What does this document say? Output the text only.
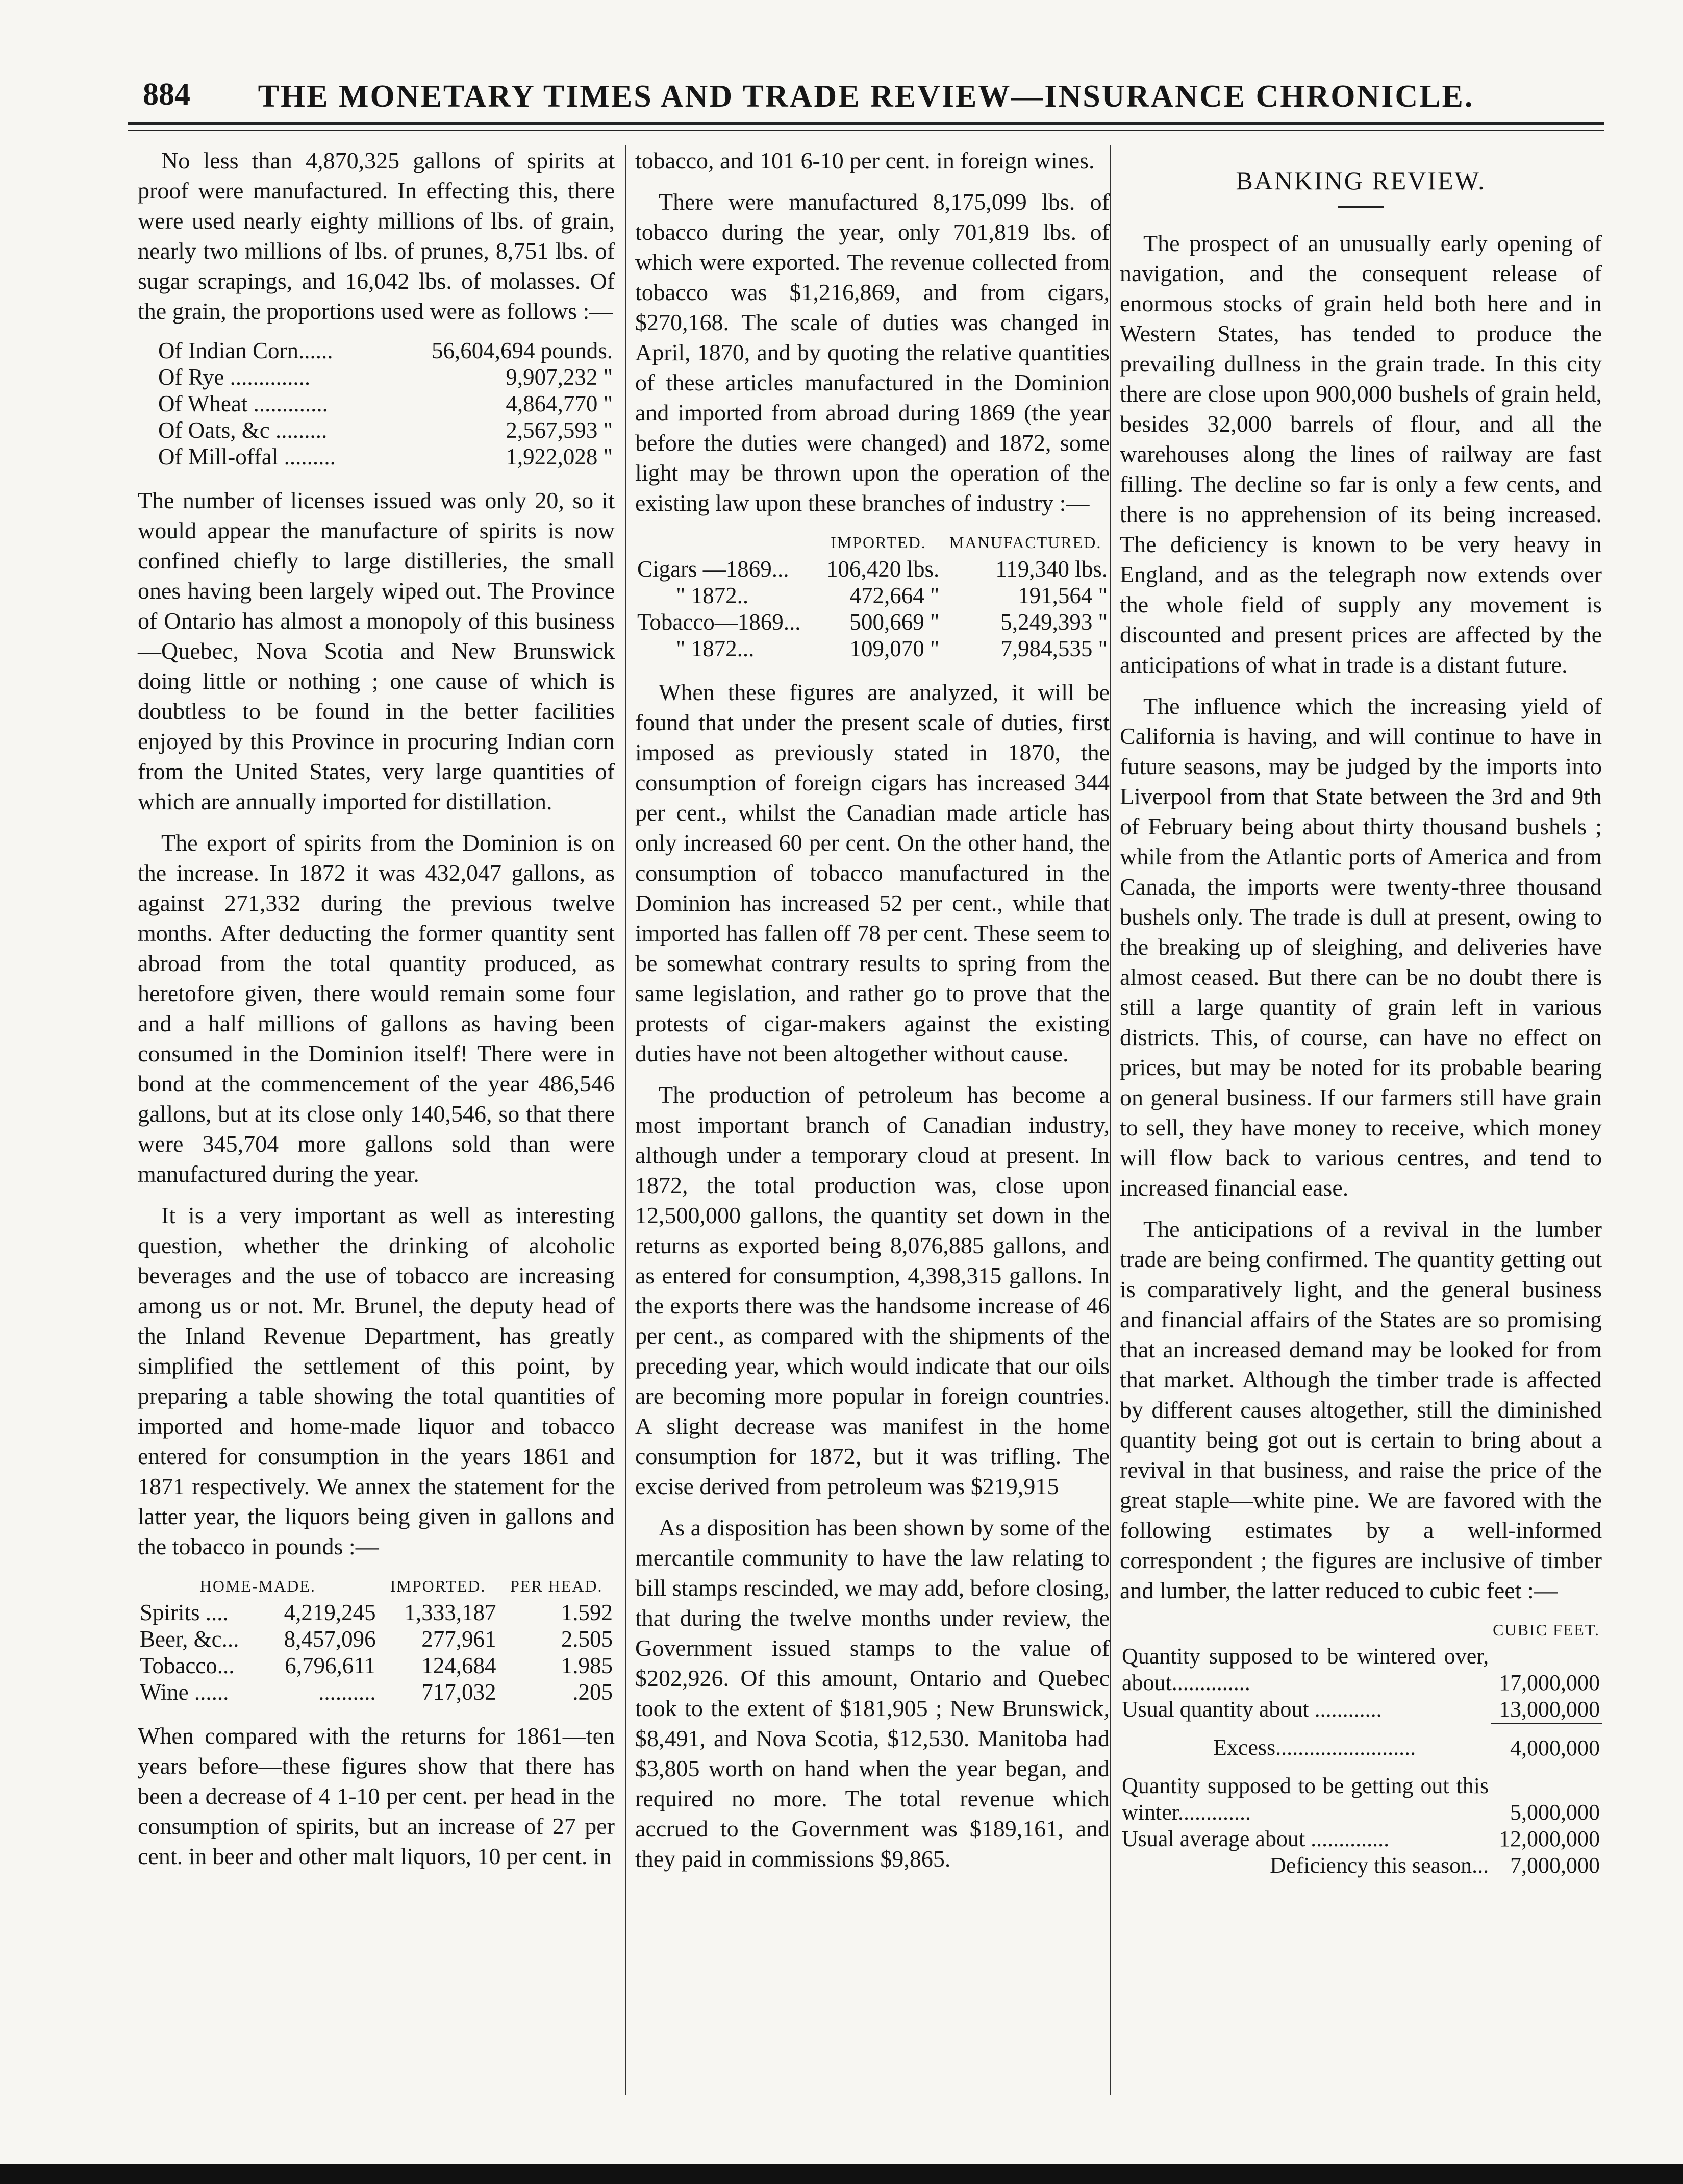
884	THE MONETARY TIMES AND TRADE REVIEW—INSURANCE CHRONICLE.

No less than 4,870,325 gallons of spirits at proof were manufactured. In effecting this, there were used nearly eighty millions of lbs. of grain, nearly two millions of lbs. of prunes, 8,751 lbs. of sugar scrapings, and 16,042 lbs. of molasses. Of the grain, the proportions used were as follows :—

Of Indian Corn......	56,604,694 pounds.
Of Rye ..............	9,907,232 "
Of Wheat .............	4,864,770 "
Of Oats, &c .........	2,567,593 "
Of Mill-offal .........	1,922,028 "

The number of licenses issued was only 20, so it would appear the manufacture of spirits is now confined chiefly to large distilleries, the small ones having been largely wiped out. The Province of Ontario has almost a monopoly of this business—Quebec, Nova Scotia and New Brunswick doing little or nothing ; one cause of which is doubtless to be found in the better facilities enjoyed by this Province in procuring Indian corn from the United States, very large quantities of which are annually imported for distillation.

The export of spirits from the Dominion is on the increase. In 1872 it was 432,047 gallons, as against 271,332 during the previous twelve months. After deducting the former quantity sent abroad from the total quantity produced, as heretofore given, there would remain some four and a half millions of gallons as having been consumed in the Dominion itself! There were in bond at the commencement of the year 486,546 gallons, but at its close only 140,546, so that there were 345,704 more gallons sold than were manufactured during the year.

It is a very important as well as interesting question, whether the drinking of alcoholic beverages and the use of tobacco are increasing among us or not. Mr. Brunel, the deputy head of the Inland Revenue Department, has greatly simplified the settlement of this point, by preparing a table showing the total quantities of imported and home-made liquor and tobacco entered for consumption in the years 1861 and 1871 respectively. We annex the statement for the latter year, the liquors being given in gallons and the tobacco in pounds :—

HOME-MADE.		IMPORTED.	PER HEAD.
Spirits ....	4,219,245	1,333,187	1.592
Beer, &c...	8,457,096	277,961	2.505
Tobacco...	6,796,611	124,684	1.985
Wine ......	..........	717,032	.205

When compared with the returns for 1861—ten years before—these figures show that there has been a decrease of 4 1-10 per cent. per head in the consumption of spirits, but an increase of 27 per cent. in beer and other malt liquors, 10 per cent. in

tobacco, and 101 6-10 per cent. in foreign wines.

There were manufactured 8,175,099 lbs. of tobacco during the year, only 701,819 lbs. of which were exported. The revenue collected from tobacco was $1,216,869, and from cigars, $270,168. The scale of duties was changed in April, 1870, and by quoting the relative quantities of these articles manufactured in the Dominion and imported from abroad during 1869 (the year before the duties were changed) and 1872, some light may be thrown upon the operation of the existing law upon these branches of industry :—

	IMPORTED.	MANUFACTURED.
Cigars —1869...	106,420 lbs.	119,340 lbs.
" 1872..	472,664 "	191,564 "
Tobacco—1869...	500,669 "	5,249,393 "
" 1872...	109,070 "	7,984,535 "

When these figures are analyzed, it will be found that under the present scale of duties, first imposed as previously stated in 1870, the consumption of foreign cigars has increased 344 per cent., whilst the Canadian made article has only increased 60 per cent. On the other hand, the consumption of tobacco manufactured in the Dominion has increased 52 per cent., while that imported has fallen off 78 per cent. These seem to be somewhat contrary results to spring from the same legislation, and rather go to prove that the protests of cigar-makers against the existing duties have not been altogether without cause.

The production of petroleum has become a most important branch of Canadian industry, although under a temporary cloud at present. In 1872, the total production was, close upon 12,500,000 gallons, the quantity set down in the returns as exported being 8,076,885 gallons, and as entered for consumption, 4,398,315 gallons. In the exports there was the handsome increase of 46 per cent., as compared with the shipments of the preceding year, which would indicate that our oils are becoming more popular in foreign countries. A slight decrease was manifest in the home consumption for 1872, but it was trifling. The excise derived from petroleum was $219,915

As a disposition has been shown by some of the mercantile community to have the law relating to bill stamps rescinded, we may add, before closing, that during the twelve months under review, the Government issued stamps to the value of $202,926. Of this amount, Ontario and Quebec took to the extent of $181,905 ; New Brunswick, $8,491, and Nova Scotia, $12,530. Manitoba had $3,805 worth on hand when the year began, and required no more. The total revenue which accrued to the Government was $189,161, and they paid in commissions $9,865.

BANKING REVIEW.

The prospect of an unusually early opening of navigation, and the consequent release of enormous stocks of grain held both here and in Western States, has tended to produce the prevailing dullness in the grain trade. In this city there are close upon 900,000 bushels of grain held, besides 32,000 barrels of flour, and all the warehouses along the lines of railway are fast filling. The decline so far is only a few cents, and there is no apprehension of its being increased. The deficiency is known to be very heavy in England, and as the telegraph now extends over the whole field of supply any movement is discounted and present prices are affected by the anticipations of what in trade is a distant future.

The influence which the increasing yield of California is having, and will continue to have in future seasons, may be judged by the imports into Liverpool from that State between the 3rd and 9th of February being about thirty thousand bushels ; while from the Atlantic ports of America and from Canada, the imports were twenty-three thousand bushels only. The trade is dull at present, owing to the breaking up of sleighing, and deliveries have almost ceased. But there can be no doubt there is still a large quantity of grain left in various districts. This, of course, can have no effect on prices, but may be noted for its probable bearing on general business. If our farmers still have grain to sell, they have money to receive, which money will flow back to various centres, and tend to increased financial ease.

The anticipations of a revival in the lumber trade are being confirmed. The quantity getting out is comparatively light, and the general business and financial affairs of the States are so promising that an increased demand may be looked for from that market. Although the timber trade is affected by different causes altogether, still the diminished quantity being got out is certain to bring about a revival in that business, and raise the price of the great staple—white pine. We are favored with the following estimates by a well-informed correspondent ; the figures are inclusive of timber and lumber, the latter reduced to cubic feet :—

	CUBIC FEET.
Quantity supposed to be wintered over, about..............	17,000,000
Usual quantity about ............	13,000,000
Excess.........................	4,000,000
Quantity supposed to be getting out this winter.............	5,000,000
Usual average about ..............	12,000,000
Deficiency this season...	7,000,000
